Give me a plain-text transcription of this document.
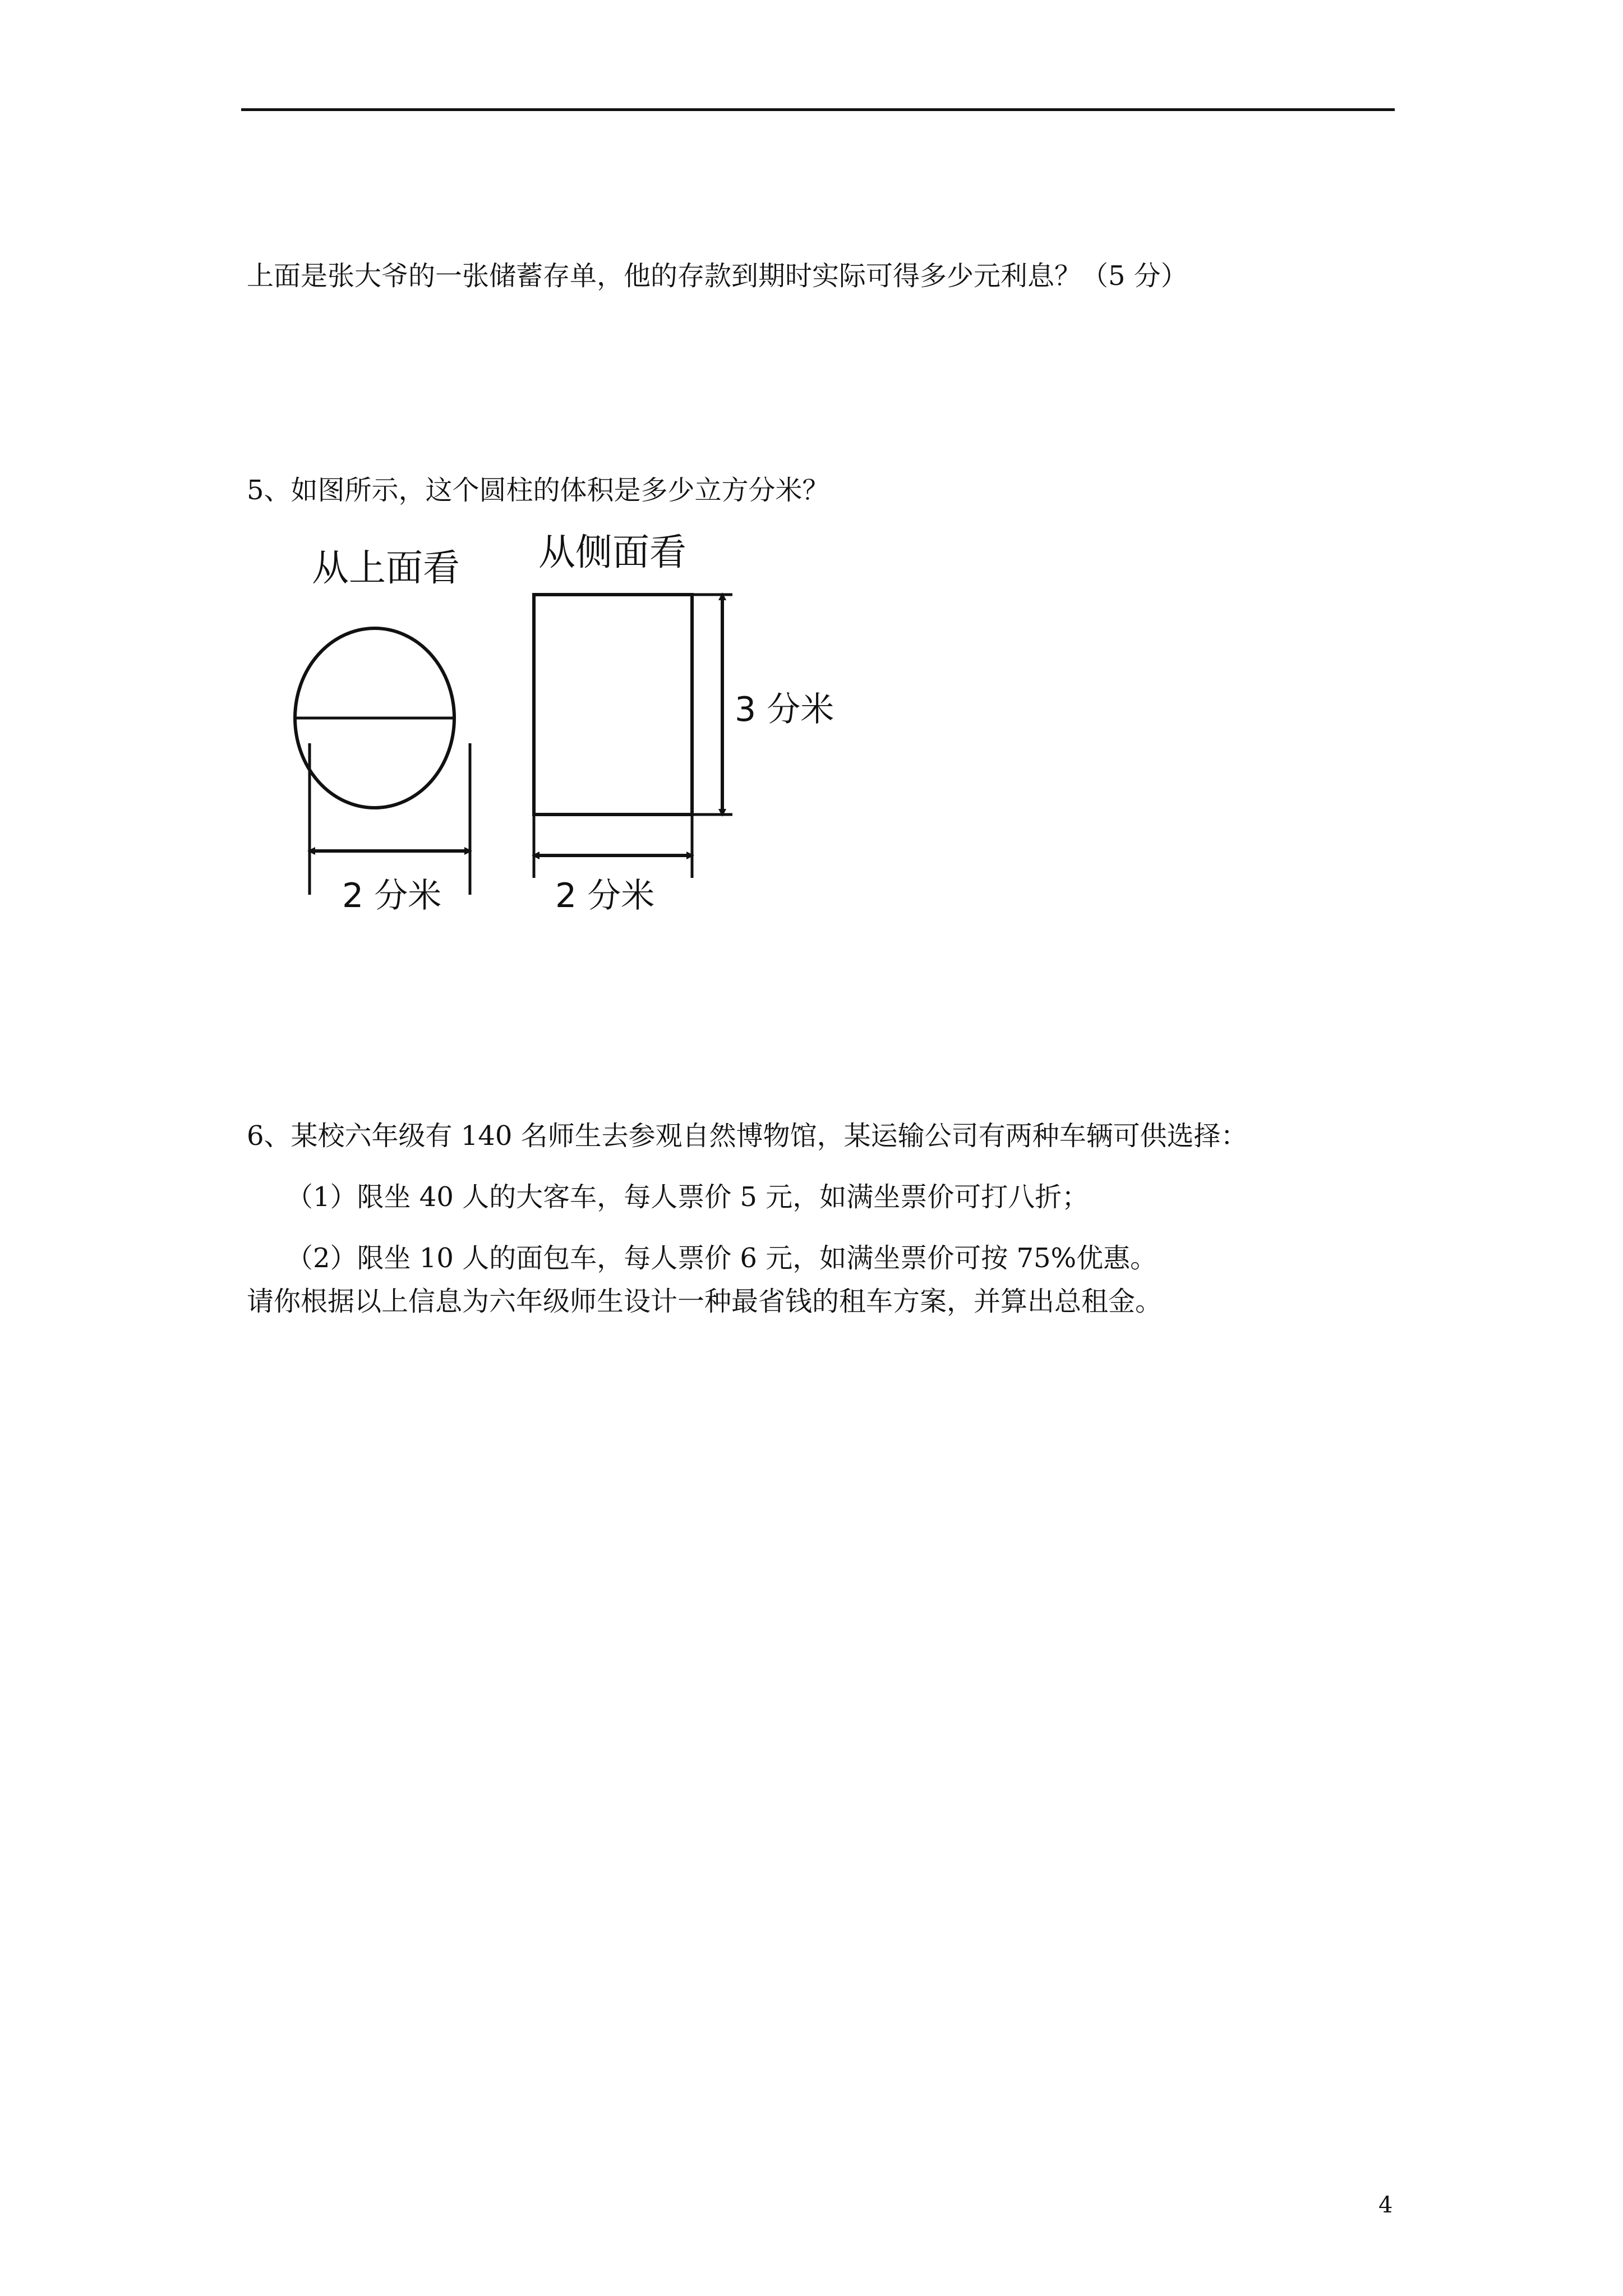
上面是张大爷的一张储蓄存单，他的存款到期时实际可得多少元利息？（5 分）
5、如图所示，这个圆柱的体积是多少立方分米？
从上面看
2 分米
从侧面看
3 分米
2 分米
6、某校六年级有 140 名师生去参观自然博物馆，某运输公司有两种车辆可供选择：
（1）限坐 40 人的大客车，每人票价 5 元，如满坐票价可打八折；
（2）限坐 10 人的面包车，每人票价 6 元，如满坐票价可按 75%优惠。
请你根据以上信息为六年级师生设计一种最省钱的租车方案，并算出总租金。
4
